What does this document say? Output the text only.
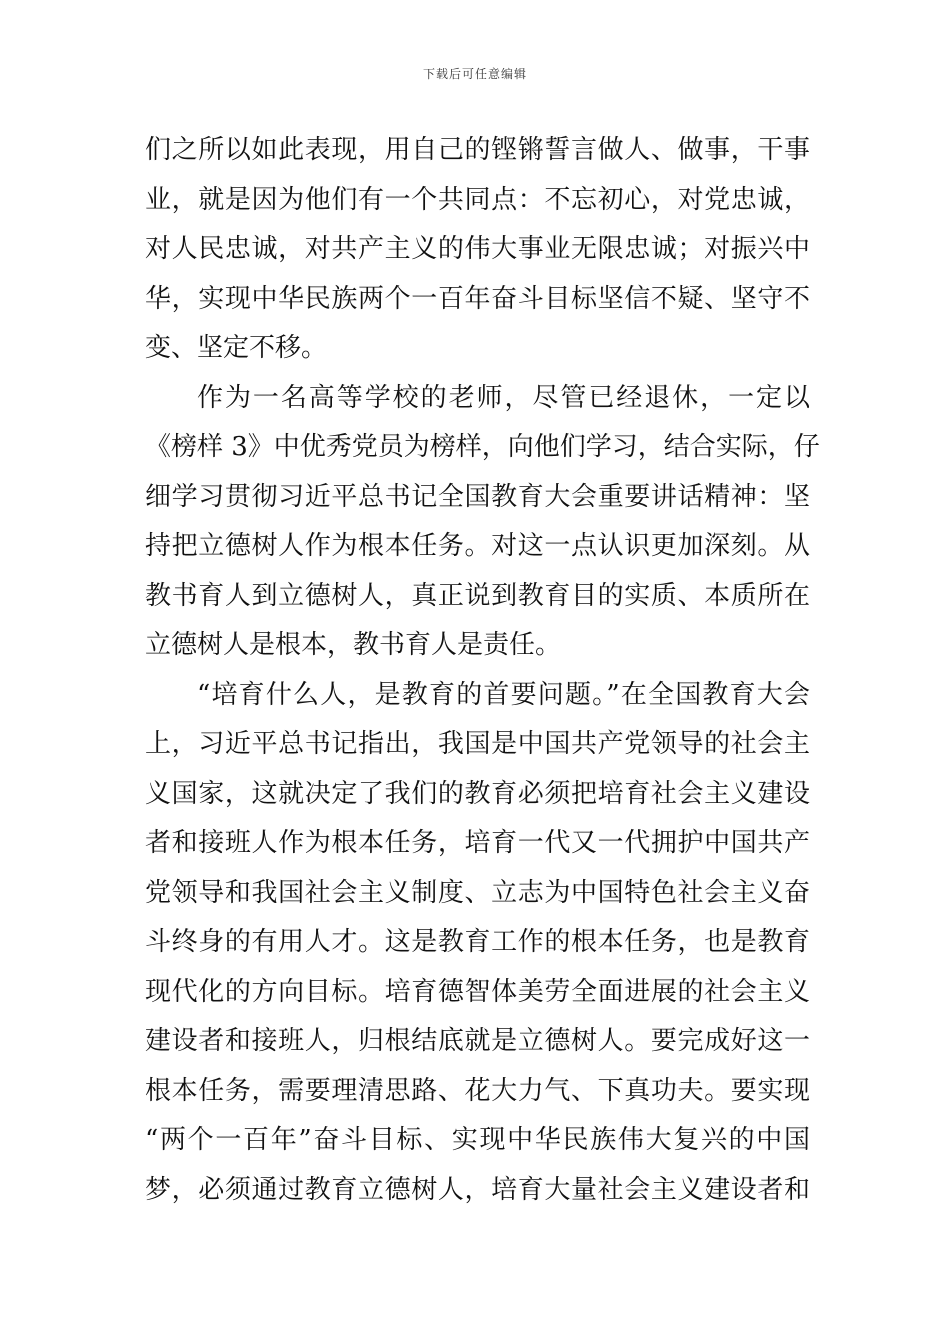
下载后可任意编辑
们之所以如此表现，用自己的铿锵誓言做人、做事，干事
业，就是因为他们有一个共同点：不忘初心，对党忠诚，
对人民忠诚，对共产主义的伟大事业无限忠诚；对振兴中
华，实现中华民族两个一百年奋斗目标坚信不疑、坚守不
变、坚定不移。
作为一名高等学校的老师，尽管已经退休，一定以
《榜样 3》中优秀党员为榜样，向他们学习，结合实际，仔
细学习贯彻习近平总书记全国教育大会重要讲话精神：坚
持把立德树人作为根本任务。对这一点认识更加深刻。从
教书育人到立德树人，真正说到教育目的实质、本质所在
立德树人是根本，教书育人是责任。
“培育什么人，是教育的首要问题。”在全国教育大会
上，习近平总书记指出，我国是中国共产党领导的社会主
义国家，这就决定了我们的教育必须把培育社会主义建设
者和接班人作为根本任务，培育一代又一代拥护中国共产
党领导和我国社会主义制度、立志为中国特色社会主义奋
斗终身的有用人才。这是教育工作的根本任务，也是教育
现代化的方向目标。培育德智体美劳全面进展的社会主义
建设者和接班人，归根结底就是立德树人。要完成好这一
根本任务，需要理清思路、花大力气、下真功夫。要实现
“两个一百年”奋斗目标、实现中华民族伟大复兴的中国
梦，必须通过教育立德树人，培育大量社会主义建设者和
